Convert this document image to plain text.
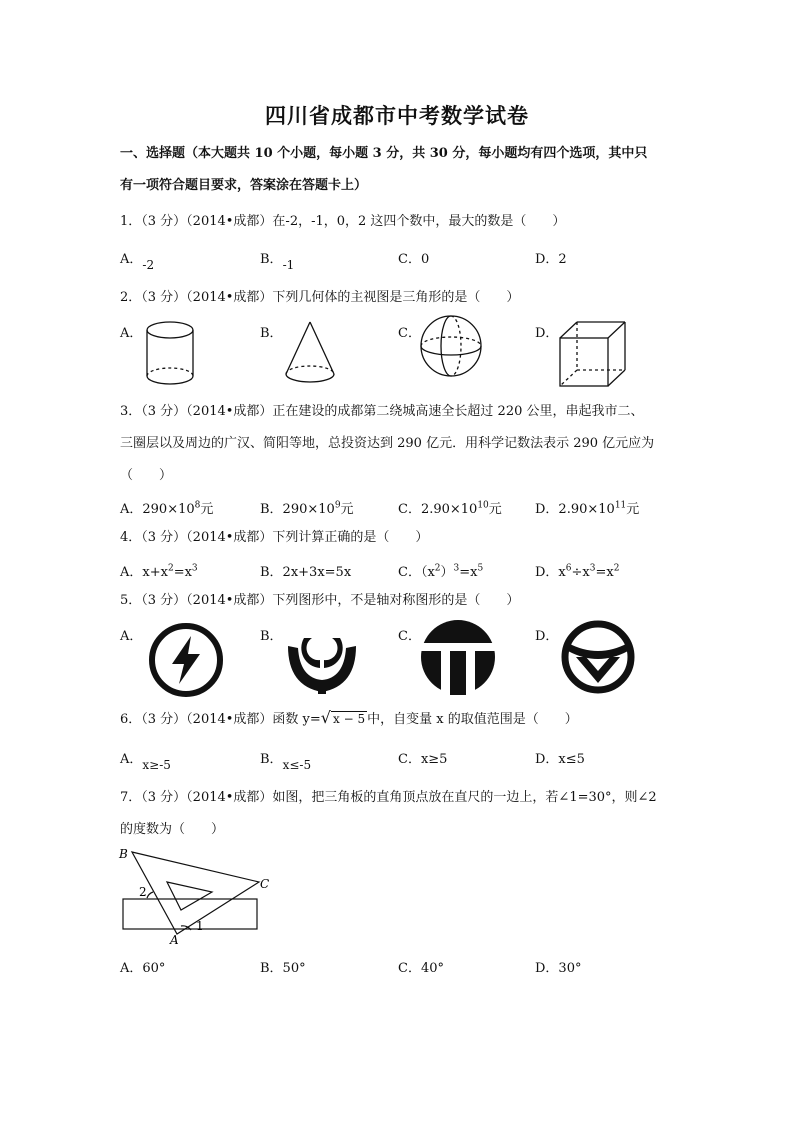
四川省成都市中考数学试卷
一、选择题（本大题共 10 个小题，每小题 3 分，共 30 分，每小题均有四个选项，其中只
有一项符合题目要求，答案涂在答题卡上）
1．（3 分）（2014•成都）在-2，-1，0，2 这四个数中，最大的数是（　　）
A．-2	B．-1	C．0	D．2
2．（3 分）（2014•成都）下列几何体的主视图是三角形的是（　　）
A．	B．	C．	D．
3．（3 分）（2014•成都）正在建设的成都第二绕城高速全长超过 220 公里，串起我市二、
三圈层以及周边的广汉、简阳等地，总投资达到 290 亿元．用科学记数法表示 290 亿元应为
（　　）
A．$290\times 10^8$元	B．$290\times 10^9$元	C．$2.90\times 10^{10}$元	D．$2.90\times 10^{11}$元
4．（3 分）（2014•成都）下列计算正确的是（　　）
A．$x+x^2=x^3$	B．2x+3x=5x	C．$(x^2)^3=x^5$	D．$x^6\div x^3=x^2$
5．（3 分）（2014•成都）下列图形中，不是轴对称图形的是（　　）
A．	B．	C．	D．
6．（3 分）（2014•成都）函数 y=√ x − 5 中，自变量 x 的取值范围是（　　）
A．x≥-5	B．x≤-5	C．x≥5	D．x≤5
7．（3 分）（2014•成都）如图，把三角板的直角顶点放在直尺的一边上，若∠1=30°，则∠2
的度数为（　　）
B
C
A
1
2
A．60°	B．50°	C．40°	D．30°
